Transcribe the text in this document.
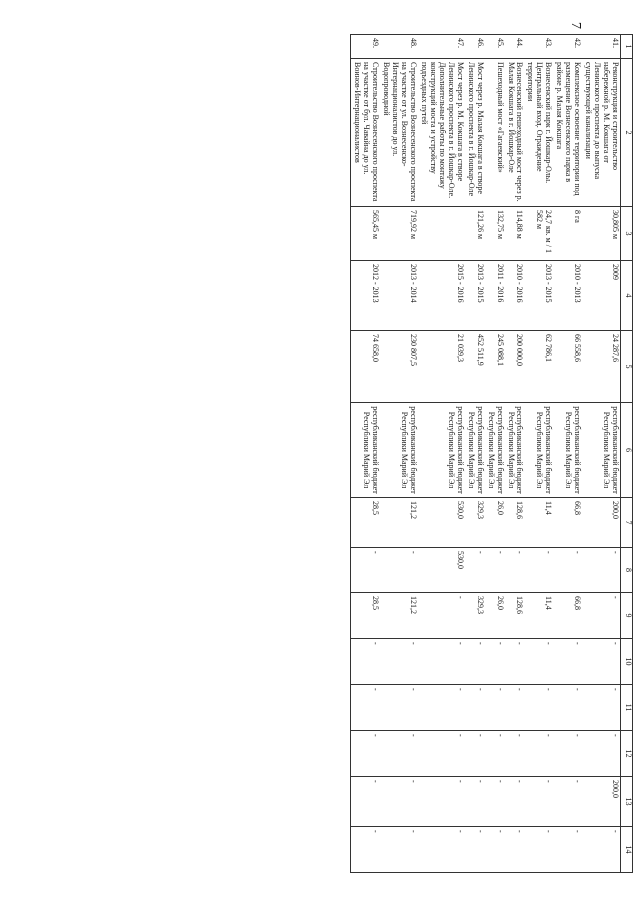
7
1	2	3	4	5	6	7	8	9	10	11	12	13	14
41.	Реконструкция и строительство набережной р. М. Кокшага от Ленинского проспекта до выпуска существующей канализации	30,805 м	2009	24 287,6	республиканский бюджет Республики Марий Эл	200,0	-	-	-	-	-	200,0	-
42.	Комплексное освоение территории под размещение Вознесенского парка в районе р. Малая Кокшага	8 га	2010 - 2013	66 558,6	республиканский бюджет Республики Марий Эл	66,8	-	66,8	-	-	-	-	-
43.	Вознесенский парк г. Йошкар-Олы. Центральный вход. Ограждение территории	24,7 кв. м / 1 582 м	2013 - 2015	62 786,1	республиканский бюджет Республики Марий Эл	11,4	-	11,4	-	-	-	-	-
44.	Вознесенский пешеходный мост через р. Малая Кокшага в г. Йошкар-Оле	114,88 м	2010 - 2016	200 000,0	республиканский бюджет Республики Марий Эл	128,6	-	128,6	-	-	-	-	-
45.	Пешеходный мост «Гагаевский»	132,75 м	2011 - 2016	245 088,1	республиканский бюджет Республики Марий Эл	26,0	-	26,0	-	-	-	-	-
46.	Мост через р. Малая Кокшага в створе Ленинского проспекта в г. Йошкар-Оле	121,26 м	2013 - 2015	452 511,9	республиканский бюджет Республики Марий Эл	329,3	-	329,3	-	-	-	-	-
47.	Мост через р. М. Кокшага в створе Ленинского проспекта в г. Йошкар-Оле. Дополнительные работы по монтажу конструкций моста и устройству подъездных путей		2015 - 2016	21 039,3	республиканский бюджет Республики Марий Эл	530,0	530,0	-	-	-	-	-	-
48.	Строительство Вознесенского проспекта на участке от ул. Вознесенско-Интернационалистов до ул. Водопроводной	719,92 м	2013 - 2014	230 807,5	республиканский бюджет Республики Марий Эл	121,2	-	121,2	-	-	-	-	-
49.	Строительство Вознесенского проспекта на участке от бул. Чавайна до ул. Воинов-Интернационалистов	565,45 м	2012 - 2013	74 658,0	республиканский бюджет Республики Марий Эл	28,5	-	28,5	-	-	-	-	-
